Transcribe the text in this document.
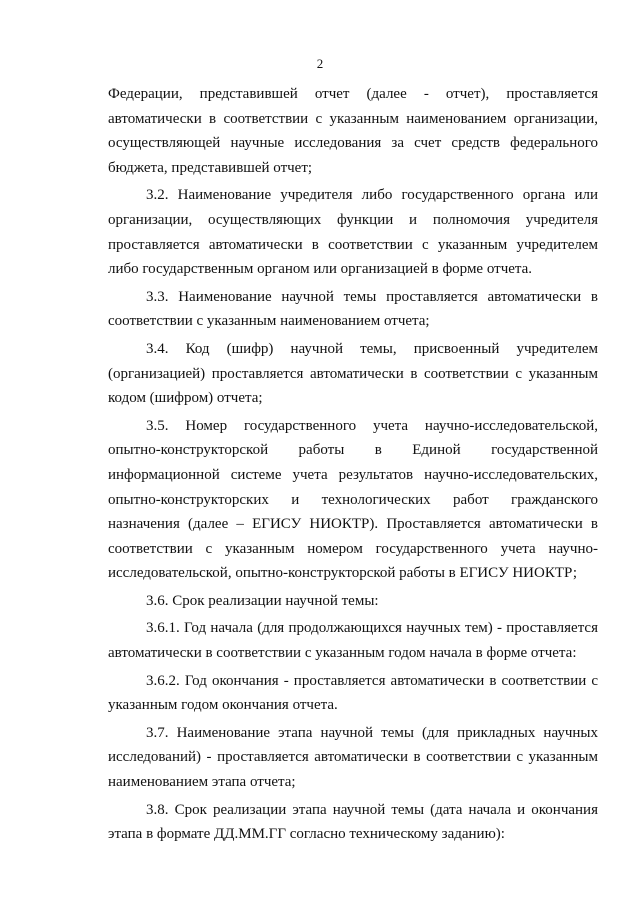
2

Федерации, представившей отчет (далее - отчет), проставляется автоматически в соответствии с указанным наименованием организации, осуществляющей научные исследования за счет средств федерального бюджета, представившей отчет;

3.2. Наименование учредителя либо государственного органа или организации, осуществляющих функции и полномочия учредителя проставляется автоматически в соответствии с указанным учредителем либо государственным органом или организацией в форме отчета.

3.3. Наименование научной темы проставляется автоматически в соответствии с указанным наименованием отчета;

3.4. Код (шифр) научной темы, присвоенный учредителем (организацией) проставляется автоматически в соответствии с указанным кодом (шифром) отчета;

3.5. Номер государственного учета научно-исследовательской, опытно-конструкторской работы в Единой государственной информационной системе учета результатов научно-исследовательских, опытно-конструкторских и технологических работ гражданского назначения (далее – ЕГИСУ НИОКТР). Проставляется автоматически в соответствии с указанным номером государственного учета научно-исследовательской, опытно-конструкторской работы в ЕГИСУ НИОКТР;

3.6. Срок реализации научной темы:

3.6.1. Год начала (для продолжающихся научных тем) - проставляется автоматически в соответствии с указанным годом начала в форме отчета:

3.6.2. Год окончания - проставляется автоматически в соответствии с указанным годом окончания отчета.

3.7. Наименование этапа научной темы (для прикладных научных исследований) - проставляется автоматически в соответствии с указанным наименованием этапа отчета;

3.8. Срок реализации этапа научной темы (дата начала и окончания этапа в формате ДД.ММ.ГГ согласно техническому заданию):
